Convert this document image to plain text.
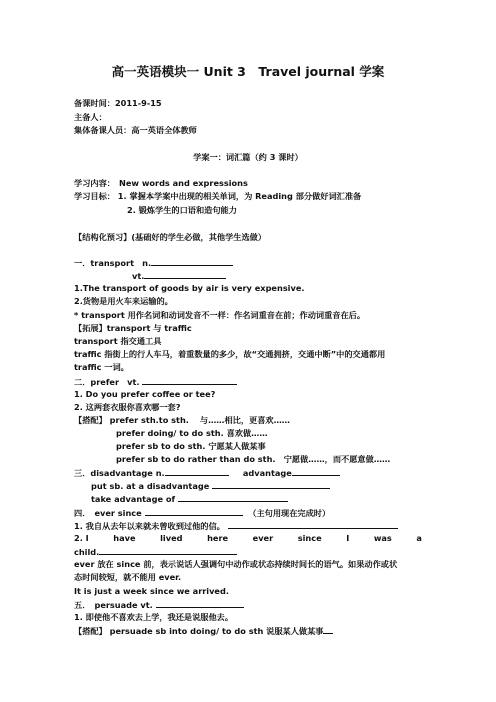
高一英语模块一 Unit 3　Travel journal 学案
备课时间：2011-9-15
主备人：
集体备课人员：高一英语全体教师
学案一：词汇篇（约 3 课时）
学习内容：　New words and expressions
学习目标： 1. 掌握本学案中出现的相关单词，为 Reading 部分做好词汇准备
2. 锻炼学生的口语和造句能力
【结构化预习】(基础好的学生必做，其他学生选做）
一．transport　n.
vt.
1.The transport of goods by air is very expensive.
2.货物是用火车来运输的。
* transport 用作名词和动词发音不一样：作名词重音在前；作动词重音在后。
【拓展】transport 与 traffic
transport 指交通工具
traffic 指街上的行人车马，着重数量的多少，故“交通拥挤，交通中断”中的交通都用
traffic 一词。
二．prefer　vt.
1. Do you prefer coffee or tee?
2. 这两套衣服你喜欢哪一套?
【搭配】 prefer sth.to sth.　 与……相比，更喜欢……
prefer doing/ to do sth. 喜欢做……
prefer sb to do sth. 宁愿某人做某事
prefer sb to do rather than do sth.　宁愿做……，而不愿意做……
三．disadvantage n.	advantage
put sb. at a disadvantage
take advantage of
四．　ever since	（主句用现在完成时）
1. 我自从去年以来就未曾收到过他的信。
2. I	have	lived	here	ever	since	I	was	a
child.
ever 放在 since 前，表示说话人强调句中动作或状态持续时间长的语气。如果动作或状
态时间较短，就不能用 ever.
It is just a week since we arrived.
五．　persuade vt.
1. 即使他不喜欢去上学，我还是说服他去。
【搭配】 persuade sb into doing/ to do sth 说服某人做某事
